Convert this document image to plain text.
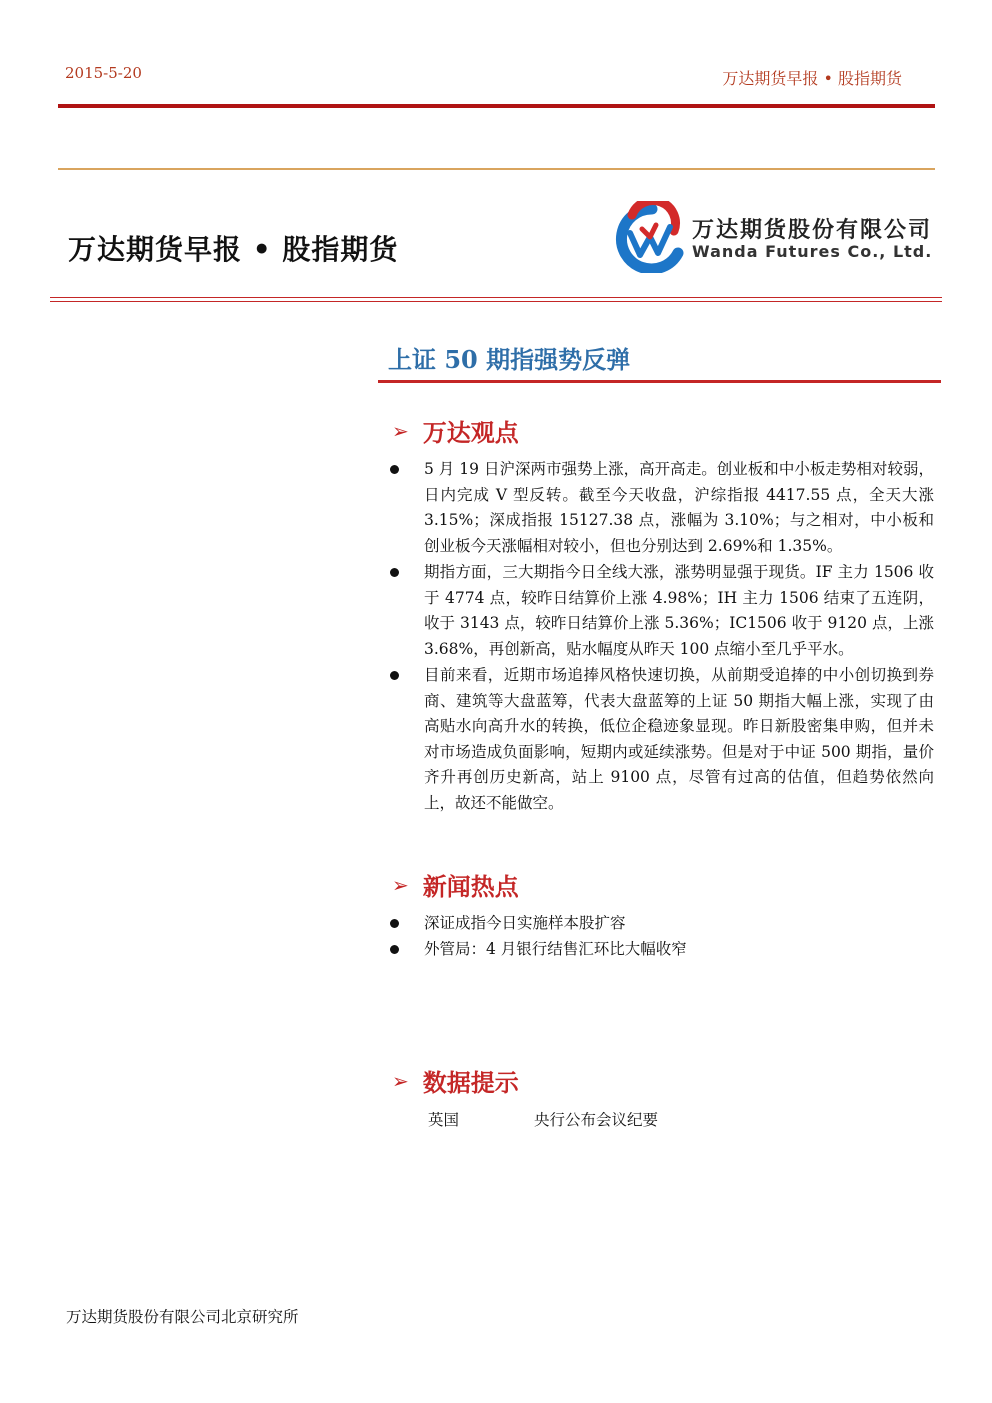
2015-5-20	万达期货早报 • 股指期货
万达期货早报 • 股指期货
万达期货股份有限公司
Wanda Futures Co., Ltd.
上证 50 期指强势反弹
➢ 万达观点
5 月 19 日沪深两市强势上涨，高开高走。创业板和中小板走势相对较弱，日内完成 V 型反转。截至今天收盘，沪综指报 4417.55 点，全天大涨 3.15%；深成指报 15127.38 点，涨幅为 3.10%；与之相对，中小板和创业板今天涨幅相对较小，但也分别达到 2.69%和 1.35%。
期指方面，三大期指今日全线大涨，涨势明显强于现货。IF 主力 1506 收于 4774 点，较昨日结算价上涨 4.98%；IH 主力 1506 结束了五连阴，收于 3143 点，较昨日结算价上涨 5.36%；IC1506 收于 9120 点，上涨 3.68%，再创新高，贴水幅度从昨天 100 点缩小至几乎平水。
目前来看，近期市场追捧风格快速切换，从前期受追捧的中小创切换到券商、建筑等大盘蓝筹，代表大盘蓝筹的上证 50 期指大幅上涨，实现了由高贴水向高升水的转换，低位企稳迹象显现。昨日新股密集申购，但并未对市场造成负面影响，短期内或延续涨势。但是对于中证 500 期指，量价齐升再创历史新高，站上 9100 点，尽管有过高的估值，但趋势依然向上，故还不能做空。
➢ 新闻热点
深证成指今日实施样本股扩容
外管局：4 月银行结售汇环比大幅收窄
➢ 数据提示
英国	央行公布会议纪要
万达期货股份有限公司北京研究所
